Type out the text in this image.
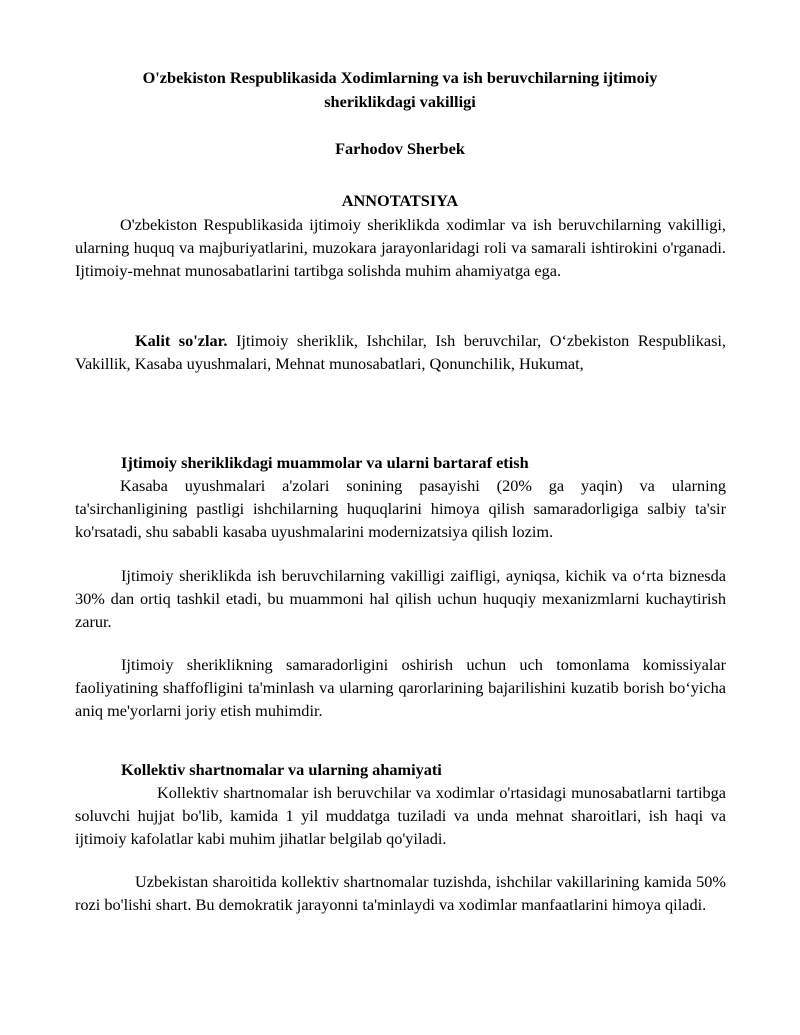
O'zbekiston Respublikasida Xodimlarning va ish beruvchilarning ijtimoiy sheriklikdagi vakilligi

Farhodov Sherbek

ANNOTATSIYA

O'zbekiston Respublikasida ijtimoiy sheriklikda xodimlar va ish beruvchilarning vakilligi, ularning huquq va majburiyatlarini, muzokara jarayonlaridagi roli va samarali ishtirokini o'rganadi. Ijtimoiy-mehnat munosabatlarini tartibga solishda muhim ahamiyatga ega.

Kalit so'zlar. Ijtimoiy sheriklik, Ishchilar, Ish beruvchilar, O‘zbekiston Respublikasi, Vakillik, Kasaba uyushmalari, Mehnat munosabatlari, Qonunchilik, Hukumat,

Ijtimoiy sheriklikdagi muammolar va ularni bartaraf etish

Kasaba uyushmalari a'zolari sonining pasayishi (20% ga yaqin) va ularning ta'sirchanligining pastligi ishchilarning huquqlarini himoya qilish samaradorligiga salbiy ta'sir ko'rsatadi, shu sababli kasaba uyushmalarini modernizatsiya qilish lozim.

Ijtimoiy sheriklikda ish beruvchilarning vakilligi zaifligi, ayniqsa, kichik va o‘rta biznesda 30% dan ortiq tashkil etadi, bu muammoni hal qilish uchun huquqiy mexanizmlarni kuchaytirish zarur.

Ijtimoiy sheriklikning samaradorligini oshirish uchun uch tomonlama komissiyalar faoliyatining shaffofligini ta'minlash va ularning qarorlarining bajarilishini kuzatib borish bo‘yicha aniq me'yorlarni joriy etish muhimdir.

Kollektiv shartnomalar va ularning ahamiyati

Kollektiv shartnomalar ish beruvchilar va xodimlar o'rtasidagi munosabatlarni tartibga soluvchi hujjat bo'lib, kamida 1 yil muddatga tuziladi va unda mehnat sharoitlari, ish haqi va ijtimoiy kafolatlar kabi muhim jihatlar belgilab qo'yiladi.

Uzbekistan sharoitida kollektiv shartnomalar tuzishda, ishchilar vakillarining kamida 50% rozi bo'lishi shart. Bu demokratik jarayonni ta'minlaydi va xodimlar manfaatlarini himoya qiladi.
